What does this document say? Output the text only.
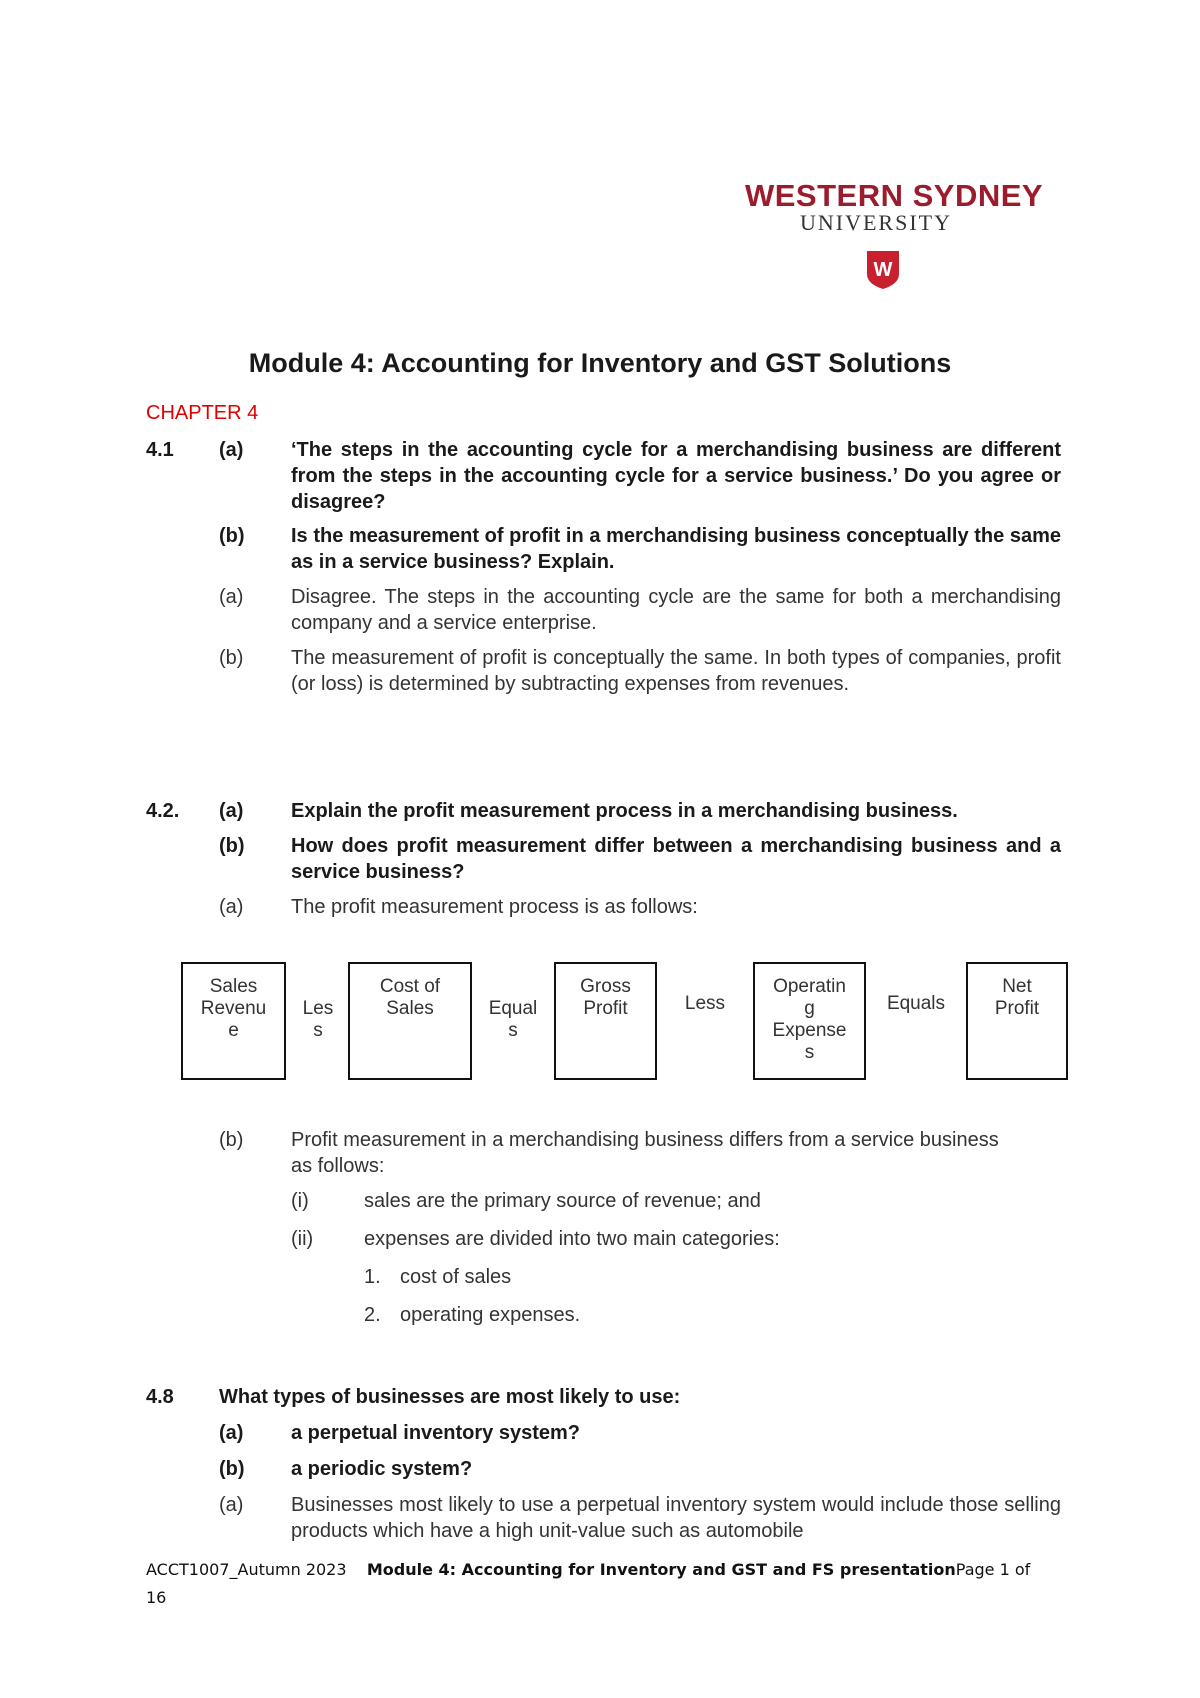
WESTERN SYDNEY
UNIVERSITY
W
Module 4: Accounting for Inventory and GST Solutions
CHAPTER 4
4.1 (a) ‘The steps in the accounting cycle for a merchandising business are different from the steps in the accounting cycle for a service business.’ Do you agree or disagree?
(b) Is the measurement of profit in a merchandising business conceptually the same as in a service business? Explain.
(a) Disagree. The steps in the accounting cycle are the same for both a merchandising company and a service enterprise.
(b) The measurement of profit is conceptually the same. In both types of companies, profit (or loss) is determined by subtracting expenses from revenues.
4.2. (a) Explain the profit measurement process in a merchandising business.
(b) How does profit measurement differ between a merchandising business and a service business?
(a) The profit measurement process is as follows:
Sales Revenu e
Les s
Cost of Sales	Equal s
Gross Profit	Less
Operatin g Expense s
Equals
Net Profit
(b) Profit measurement in a merchandising business differs from a service business as follows:
(i)	sales are the primary source of revenue; and
(ii)	expenses are divided into two main categories:
1. cost of sales
2. operating expenses.
4.8 What types of businesses are most likely to use:
(a) a perpetual inventory system?
(b) a periodic system?
(a) Businesses most likely to use a perpetual inventory system would include those selling products which have a high unit-value such as automobile
ACCT1007_Autumn 2023 Module 4: Accounting for Inventory and GST and FS presentationPage 1 of 16
